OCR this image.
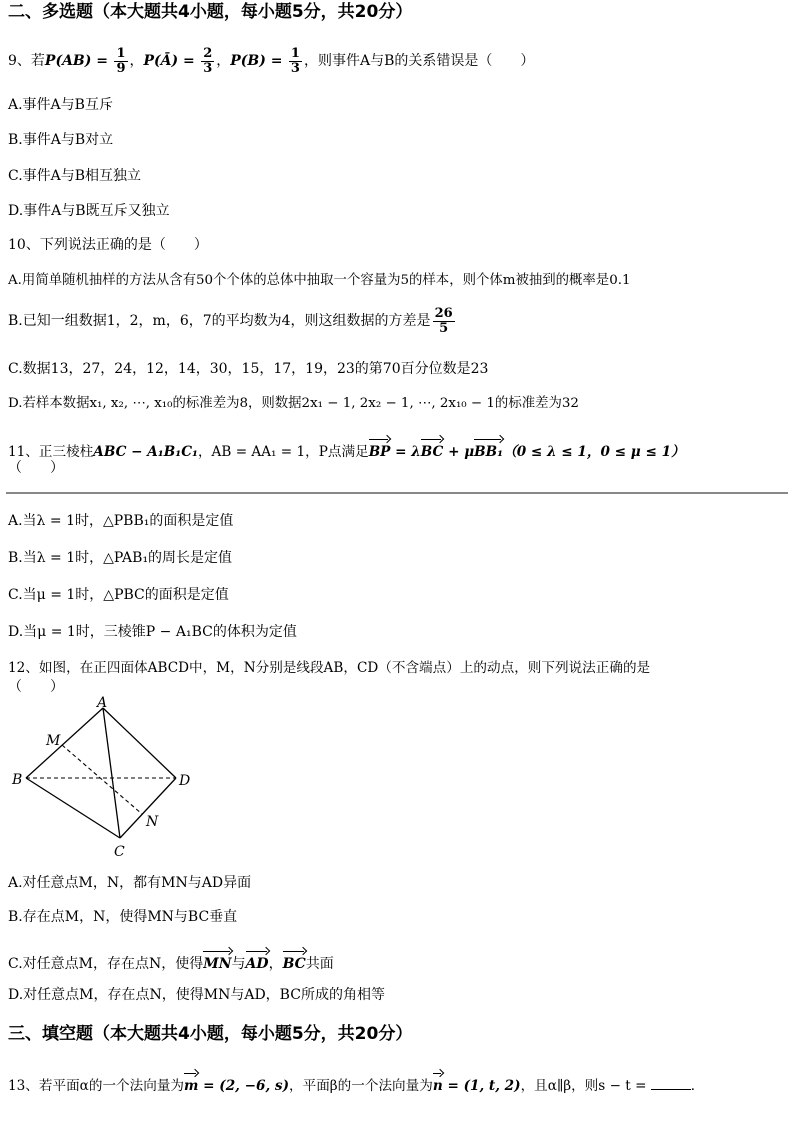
二、多选题（本大题共4小题，每小题5分，共20分）
9、若$P(AB) = \frac{1}{9}$ ，P(Ā) = $\frac{2}{3}$ ，$P(B) = \frac{1}{3}$ ，则事件A与B的关系错误是（　　）
A.事件A与B互斥
B.事件A与B对立
C.事件A与B相互独立
D.事件A与B既互斥又独立
10、下列说法正确的是（　　）
A.用简单随机抽样的方法从含有50个个体的总体中抽取一个容量为5的样本，则个体m被抽到的概率是0.1
B.已知一组数据1，2，m，6，7的平均数为4，则这组数据的方差是 $\frac{26}{5}$
C.数据13，27，24，12，14，30，15，17，19，23的第70百分位数是23
D.若样本数据x₁, x₂, ⋯, x₁₀的标准差为8，则数据2x₁ − 1, 2x₂ − 1, ⋯, 2x₁₀ − 1的标准差为32
11、正三棱柱ABC − A₁B₁C₁，AB = AA₁ = 1，P点满足BP = λBC + μBB₁（0 ≤ λ ≤ 1，0 ≤ μ ≤ 1）
（　　）
A.当λ = 1时，△PBB₁的面积是定值
B.当λ = 1时，△PAB₁的周长是定值
C.当μ = 1时，△PBC的面积是定值
D.当μ = 1时，三棱锥P − A₁BC的体积为定值
12、如图，在正四面体ABCD中，M，N分别是线段AB，CD（不含端点）上的动点，则下列说法正确的是
（　　）
A
B
C
D
M
N
A.对任意点M，N，都有MN与AD异面
B.存在点M，N，使得MN与BC垂直
C.对任意点M，存在点N，使得MN与AD，BC共面
D.对任意点M，存在点N，使得MN与AD，BC所成的角相等
三、填空题（本大题共4小题，每小题5分，共20分）
13、若平面α的一个法向量为m = (2, −6, s)，平面β的一个法向量为n = (1, t, 2)，且α∥β，则s − t =	．
